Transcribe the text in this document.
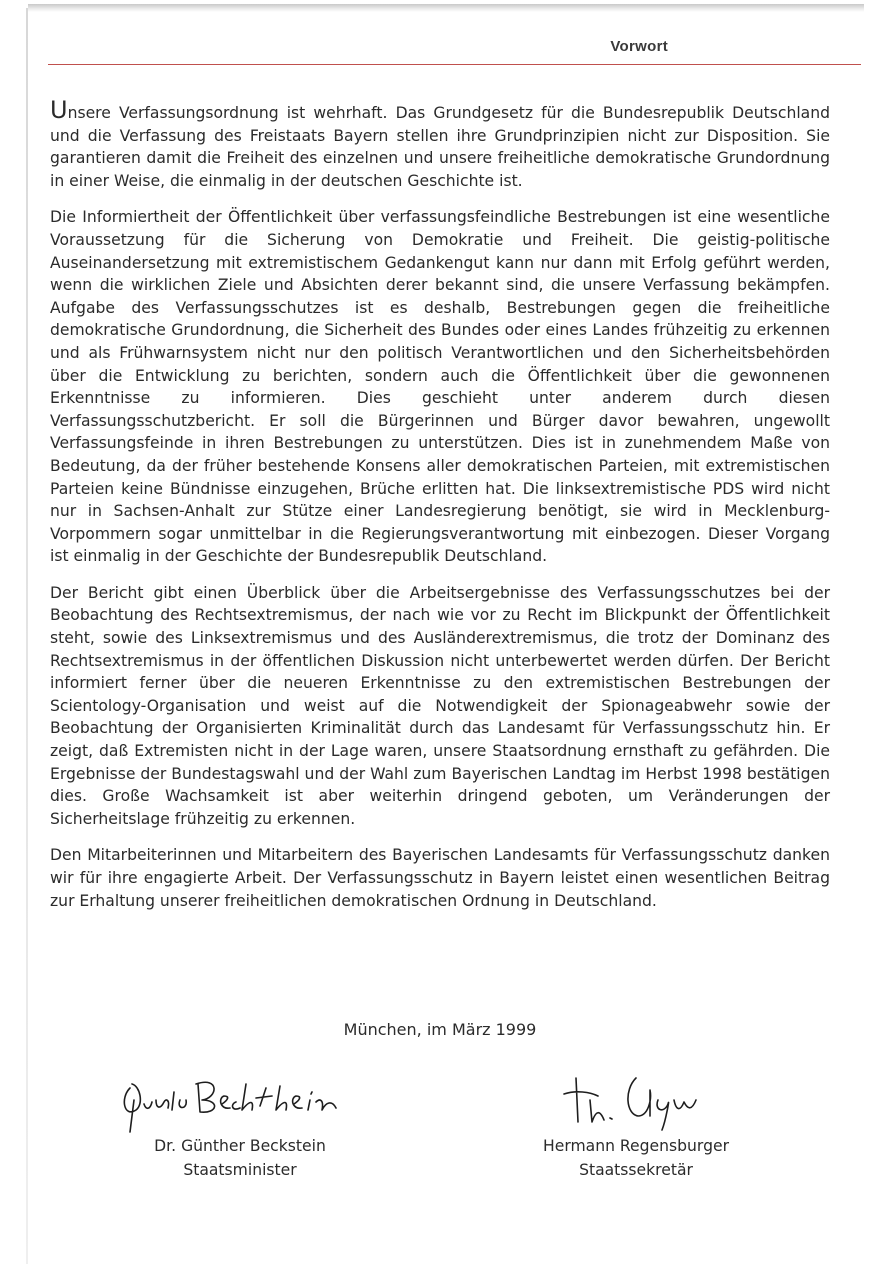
Vorwort

Unsere Verfassungsordnung ist wehrhaft. Das Grundgesetz für die Bundesrepublik Deutschland und die Verfassung des Freistaats Bayern stellen ihre Grundprinzipien nicht zur Disposition. Sie garantieren damit die Freiheit des einzelnen und unsere freiheitliche demokratische Grundordnung in einer Weise, die einmalig in der deutschen Geschichte ist.

Die Informiertheit der Öffentlichkeit über verfassungsfeindliche Bestrebungen ist eine wesentliche Voraussetzung für die Sicherung von Demokratie und Freiheit. Die geistig-politische Auseinandersetzung mit extremistischem Gedankengut kann nur dann mit Erfolg geführt werden, wenn die wirklichen Ziele und Absichten derer bekannt sind, die unsere Verfassung bekämpfen. Aufgabe des Verfassungsschutzes ist es deshalb, Bestrebungen gegen die freiheitliche demokratische Grundordnung, die Sicherheit des Bundes oder eines Landes frühzeitig zu erkennen und als Frühwarnsystem nicht nur den politisch Verantwortlichen und den Sicherheitsbehörden über die Entwicklung zu berichten, sondern auch die Öffentlichkeit über die gewonnenen Erkenntnisse zu informieren. Dies geschieht unter anderem durch diesen Verfassungsschutzbericht. Er soll die Bürgerinnen und Bürger davor bewahren, ungewollt Verfassungsfeinde in ihren Bestrebungen zu unterstützen. Dies ist in zunehmendem Maße von Bedeutung, da der früher bestehende Konsens aller demokratischen Parteien, mit extremistischen Parteien keine Bündnisse einzugehen, Brüche erlitten hat. Die linksextremistische PDS wird nicht nur in Sachsen-Anhalt zur Stütze einer Landesregierung benötigt, sie wird in Mecklenburg-Vorpommern sogar unmittelbar in die Regierungsverantwortung mit einbezogen. Dieser Vorgang ist einmalig in der Geschichte der Bundesrepublik Deutschland.

Der Bericht gibt einen Überblick über die Arbeitsergebnisse des Verfassungsschutzes bei der Beobachtung des Rechtsextremismus, der nach wie vor zu Recht im Blickpunkt der Öffentlichkeit steht, sowie des Linksextremismus und des Ausländerextremismus, die trotz der Dominanz des Rechtsextremismus in der öffentlichen Diskussion nicht unterbewertet werden dürfen. Der Bericht informiert ferner über die neueren Erkenntnisse zu den extremistischen Bestrebungen der Scientology-Organisation und weist auf die Notwendigkeit der Spionageabwehr sowie der Beobachtung der Organisierten Kriminalität durch das Landesamt für Verfassungsschutz hin. Er zeigt, daß Extremisten nicht in der Lage waren, unsere Staatsordnung ernsthaft zu gefährden. Die Ergebnisse der Bundestagswahl und der Wahl zum Bayerischen Landtag im Herbst 1998 bestätigen dies. Große Wachsamkeit ist aber weiterhin dringend geboten, um Veränderungen der Sicherheitslage frühzeitig zu erkennen.

Den Mitarbeiterinnen und Mitarbeitern des Bayerischen Landesamts für Verfassungsschutz danken wir für ihre engagierte Arbeit. Der Verfassungsschutz in Bayern leistet einen wesentlichen Beitrag zur Erhaltung unserer freiheitlichen demokratischen Ordnung in Deutschland.

München, im März 1999
Dr. Günther Beckstein
Staatsminister
Hermann Regensburger
Staatssekretär
